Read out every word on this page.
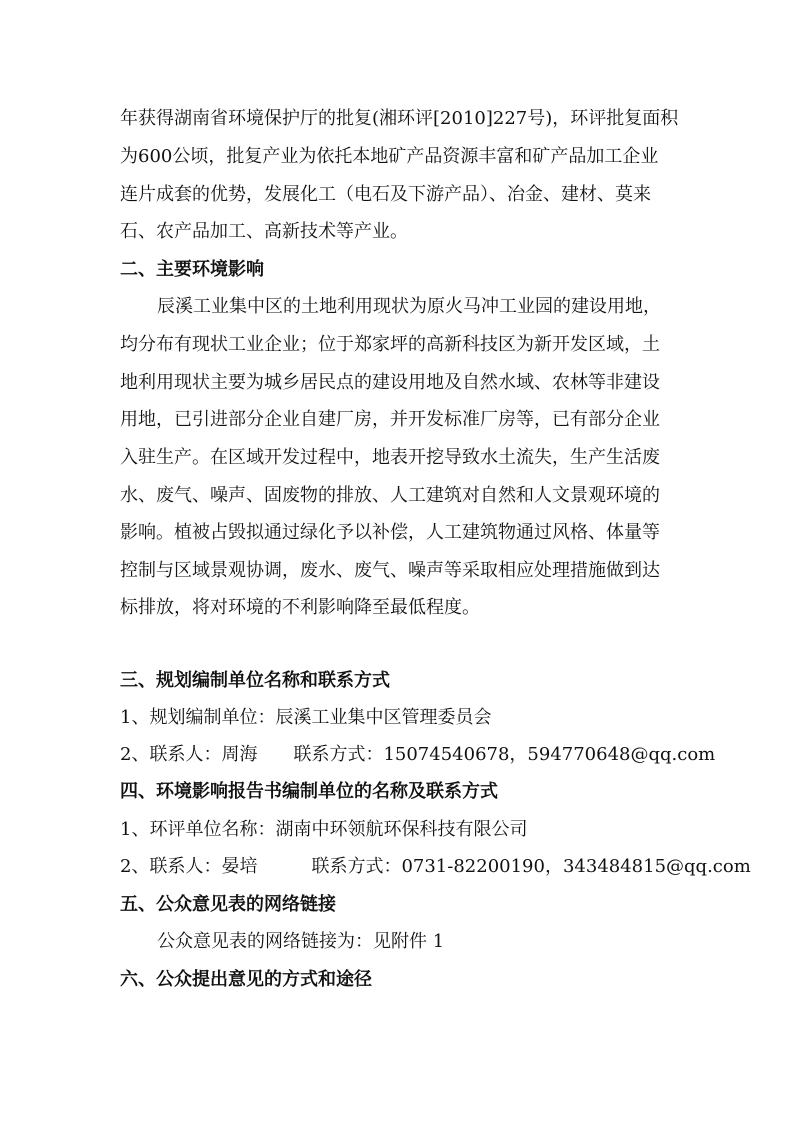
年获得湖南省环境保护厅的批复(湘环评[2010]227号)，环评批复面积
为600公顷，批复产业为依托本地矿产品资源丰富和矿产品加工企业
连片成套的优势，发展化工（电石及下游产品）、冶金、建材、莫来
石、农产品加工、高新技术等产业。
二、主要环境影响
辰溪工业集中区的土地利用现状为原火马冲工业园的建设用地，
均分布有现状工业企业；位于郑家坪的高新科技区为新开发区域，土
地利用现状主要为城乡居民点的建设用地及自然水域、农林等非建设
用地，已引进部分企业自建厂房，并开发标准厂房等，已有部分企业
入驻生产。在区域开发过程中，地表开挖导致水土流失，生产生活废
水、废气、噪声、固废物的排放、人工建筑对自然和人文景观环境的
影响。植被占毁拟通过绿化予以补偿，人工建筑物通过风格、体量等
控制与区域景观协调，废水、废气、噪声等采取相应处理措施做到达
标排放，将对环境的不利影响降至最低程度。
三、规划编制单位名称和联系方式
1、规划编制单位：辰溪工业集中区管理委员会
2、联系人：周海　　联系方式：15074540678，594770648@qq.com
四、环境影响报告书编制单位的名称及联系方式
1、环评单位名称：湖南中环领航环保科技有限公司
2、联系人：晏培　　　联系方式：0731-82200190，343484815@qq.com
五、公众意见表的网络链接
公众意见表的网络链接为：见附件 1
六、公众提出意见的方式和途径
